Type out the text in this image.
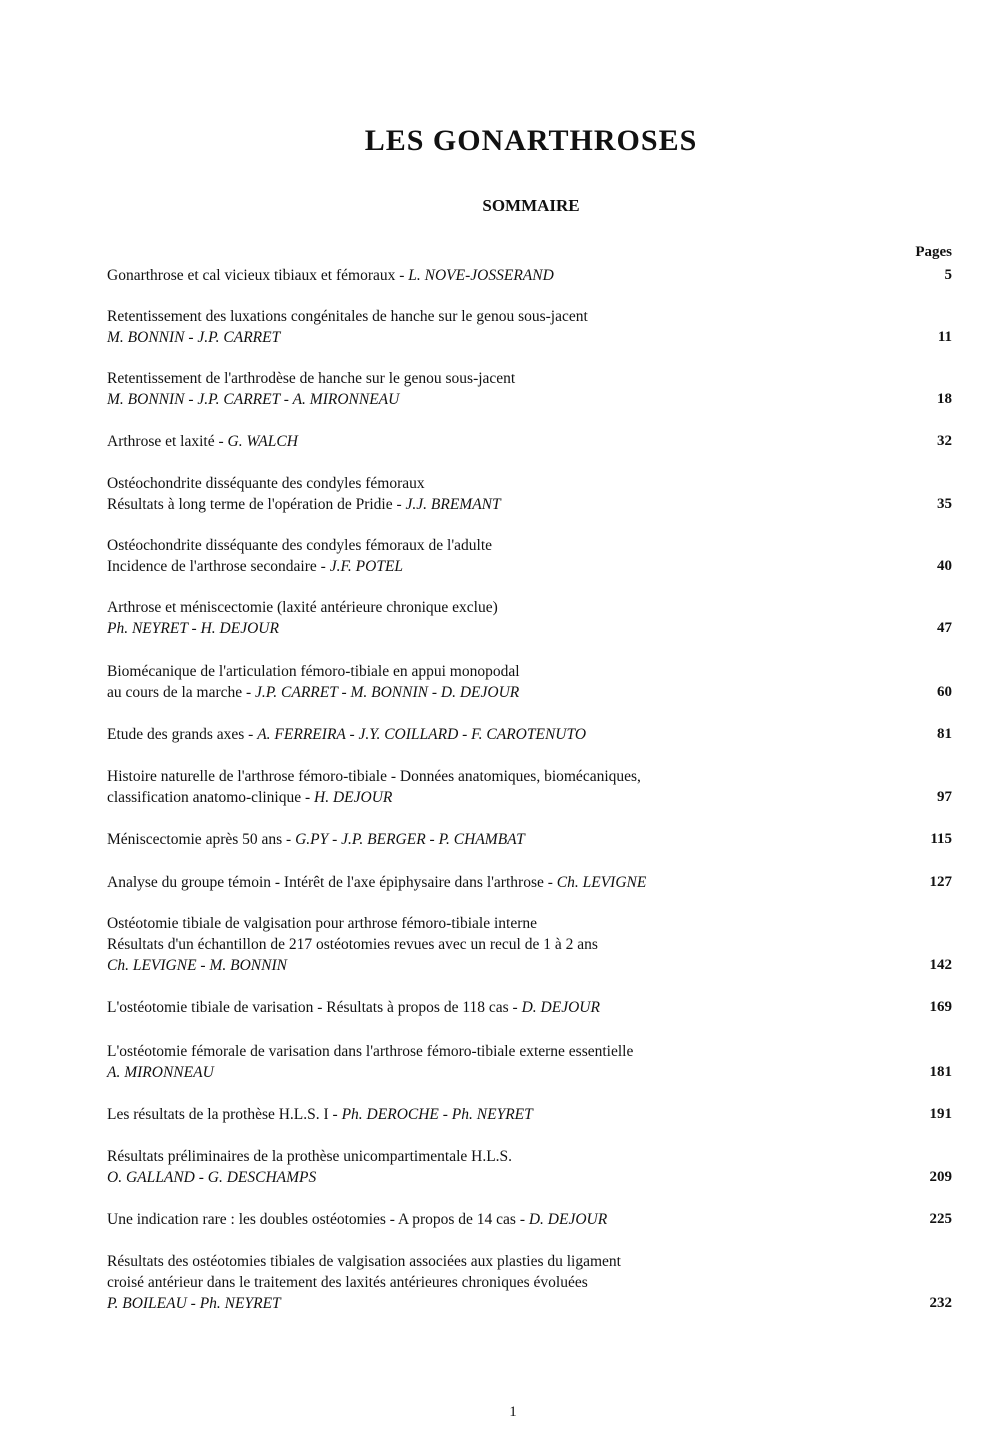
LES GONARTHROSES
SOMMAIRE
Pages
Gonarthrose et cal vicieux tibiaux et fémoraux - L. NOVE-JOSSERAND	5
Retentissement des luxations congénitales de hanche sur le genou sous-jacent
M. BONNIN - J.P. CARRET	11
Retentissement de l'arthrodèse de hanche sur le genou sous-jacent
M. BONNIN - J.P. CARRET - A. MIRONNEAU	18
Arthrose et laxité - G. WALCH	32
Ostéochondrite disséquante des condyles fémoraux
Résultats à long terme de l'opération de Pridie - J.J. BREMANT	35
Ostéochondrite disséquante des condyles fémoraux de l'adulte
Incidence de l'arthrose secondaire - J.F. POTEL	40
Arthrose et méniscectomie (laxité antérieure chronique exclue)
Ph. NEYRET - H. DEJOUR	47
Biomécanique de l'articulation fémoro-tibiale en appui monopodal
au cours de la marche - J.P. CARRET - M. BONNIN - D. DEJOUR	60
Etude des grands axes - A. FERREIRA - J.Y. COILLARD - F. CAROTENUTO	81
Histoire naturelle de l'arthrose fémoro-tibiale - Données anatomiques, biomécaniques,
classification anatomo-clinique - H. DEJOUR	97
Méniscectomie après 50 ans - G.PY - J.P. BERGER - P. CHAMBAT	115
Analyse du groupe témoin - Intérêt de l'axe épiphysaire dans l'arthrose - Ch. LEVIGNE	127
Ostéotomie tibiale de valgisation pour arthrose fémoro-tibiale interne
Résultats d'un échantillon de 217 ostéotomies revues avec un recul de 1 à 2 ans
Ch. LEVIGNE - M. BONNIN	142
L'ostéotomie tibiale de varisation - Résultats à propos de 118 cas - D. DEJOUR	169
L'ostéotomie fémorale de varisation dans l'arthrose fémoro-tibiale externe essentielle
A. MIRONNEAU	181
Les résultats de la prothèse H.L.S. I - Ph. DEROCHE - Ph. NEYRET	191
Résultats préliminaires de la prothèse unicompartimentale H.L.S.
O. GALLAND - G. DESCHAMPS	209
Une indication rare : les doubles ostéotomies - A propos de 14 cas - D. DEJOUR	225
Résultats des ostéotomies tibiales de valgisation associées aux plasties du ligament
croisé antérieur dans le traitement des laxités antérieures chroniques évoluées
P. BOILEAU - Ph. NEYRET	232
1
